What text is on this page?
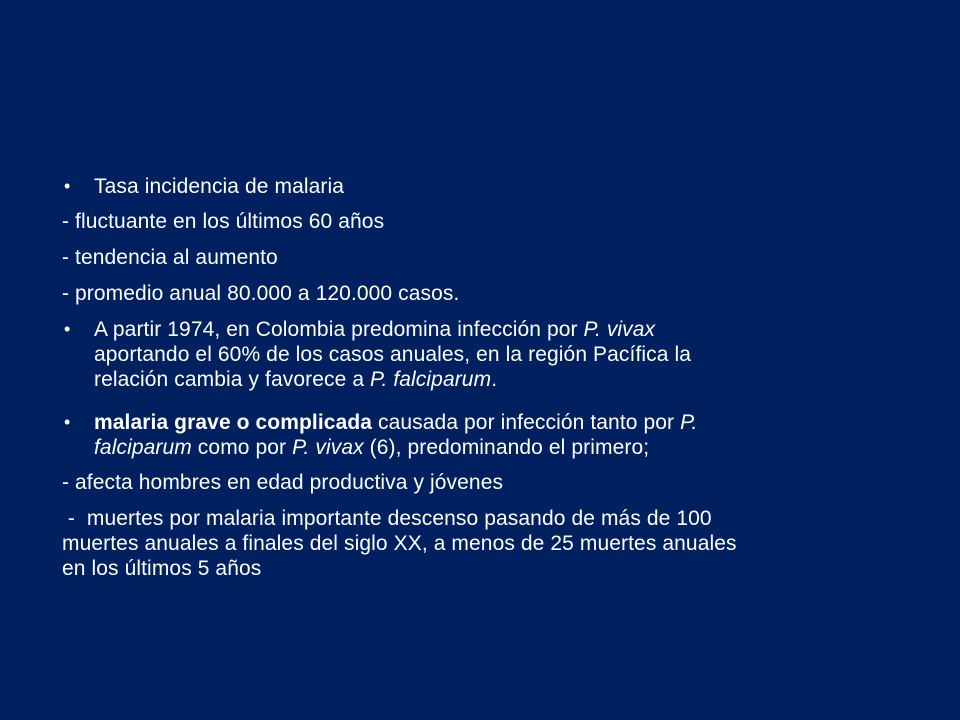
•	Tasa incidencia de malaria
- fluctuante en los últimos 60 años
- tendencia al aumento
- promedio anual 80.000 a 120.000 casos.
•	A partir 1974, en Colombia predomina infección por P. vivax
aportando el 60% de los casos anuales, en la región Pacífica la
relación cambia y favorece a P. falciparum.
•	malaria grave o complicada causada por infección tanto por P.
falciparum como por P. vivax (6), predominando el primero;
- afecta hombres en edad productiva y jóvenes
-  muertes por malaria importante descenso pasando de más de 100
muertes anuales a finales del siglo XX, a menos de 25 muertes anuales
en los últimos 5 años
